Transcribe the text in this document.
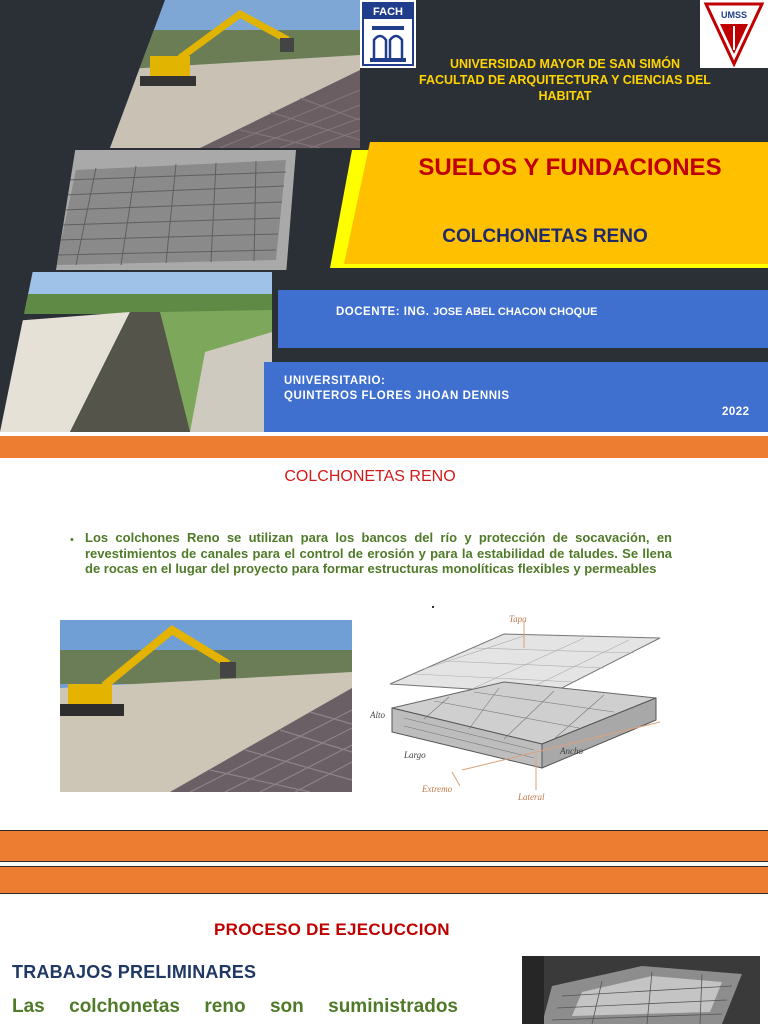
FACH	UMSS
UNIVERSIDAD MAYOR DE SAN SIMÓN
FACULTAD DE ARQUITECTURA Y CIENCIAS DEL
HABITAT
SUELOS Y FUNDACIONES
COLCHONETAS RENO
DOCENTE: ING. JOSE ABEL CHACON CHOQUE
UNIVERSITARIO:
QUINTEROS FLORES JHOAN DENNIS
2022
COLCHONETAS RENO
• Los colchones Reno se utilizan para los bancos del río y protección de socavación, en revestimientos de canales para el control de erosión y para la estabilidad de taludes. Se llena de rocas en el lugar del proyecto para formar estructuras monolíticas flexibles y permeables
Tapa
Alto
Largo	Ancho
Extremo
Lateral
PROCESO DE EJECUCCION
TRABAJOS PRELIMINARES
Las colchonetas reno son suministrados
